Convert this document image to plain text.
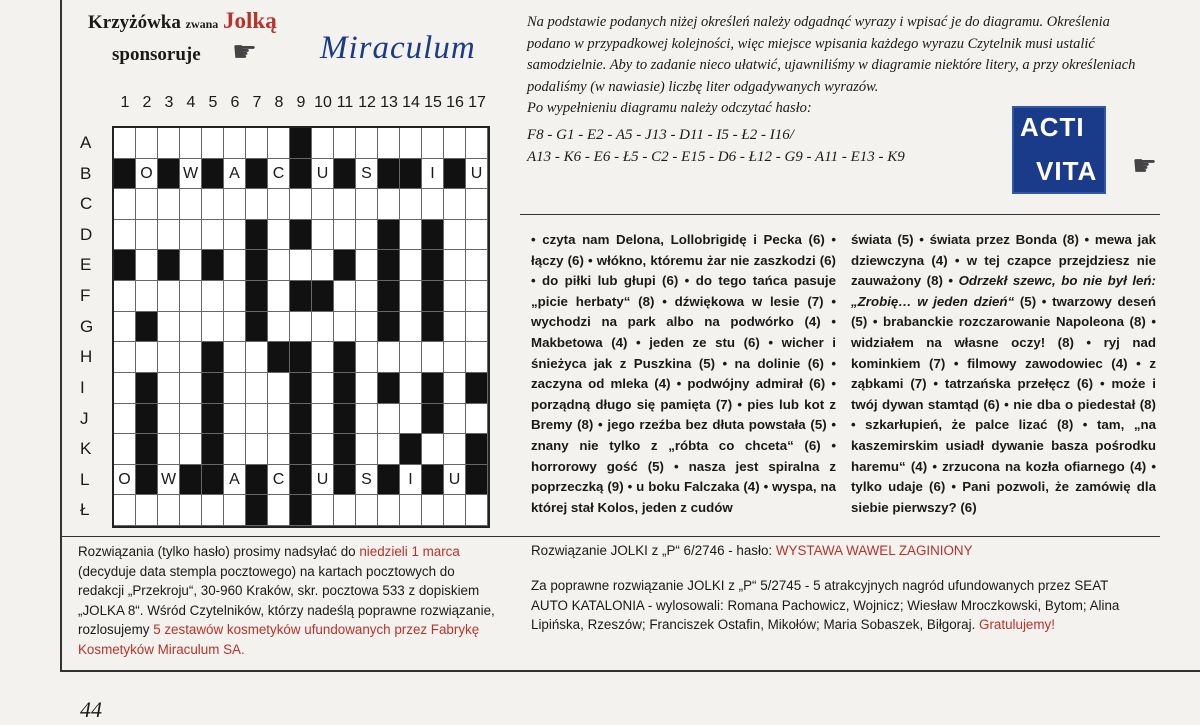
Krzyżówka zwana Jolką
sponsoruje ☛ Miraculum
1 2 3 4 5 6 7 8 9 10 11 12 13 14 15 16 17
A
B
C
D
E
F
G
H
I
J
K
L
Ł
O	W	A	C	U	S	I	U
O	W	A	C	U	S	I	U

Na podstawie podanych niżej określeń należy odgadnąć wyrazy i wpisać je do diagramu. Określenia podano w przypadkowej kolejności, więc miejsce wpisania każdego wyrazu Czytelnik musi ustalić samodzielnie. Aby to zadanie nieco ułatwić, ujawniliśmy w diagramie niektóre litery, a przy określeniach podaliśmy (w nawiasie) liczbę liter odgadywanych wyrazów.

Po wypełnieniu diagramu należy odczytać hasło:

F8 - G1 - E2 - A5 - J13 - D11 - I5 - Ł2 - I16/
A13 - K6 - E6 - Ł5 - C2 - E15 - D6 - Ł12 - G9 - A11 - E13 - K9
ACTI
VITA ☛
• czyta nam Delona, Lollobrigidę i Pecka (6) • łączy (6) • włókno, któremu żar nie zaszkodzi (6) • do piłki lub głupi (6) • do tego tańca pasuje „picie herbaty“ (8) • dźwiękowa w lesie (7) • wychodzi na park albo na podwórko (4) • Makbetowa (4) • jeden ze stu (6) • wicher i śnieżyca jak z Puszkina (5) • na dolinie (6) • zaczyna od mleka (4) • podwójny admirał (6) • porządną długo się pamięta (7) • pies lub kot z Bremy (8) • jego rzeźba bez dłuta powstała (5) • znany nie tylko z „róbta co chceta“ (6) • horrorowy gość (5) • nasza jest spiralna z poprzeczką (9) • u boku Falczaka (4) • wyspa, na której stał Kolos, jeden z cudów
świata (5) • świata przez Bonda (8) • mewa jak dziewczyna (4) • w tej czapce przejdziesz nie zauważony (8) • Odrzekł szewc, bo nie był leń: „Zrobię… w jeden dzień“ (5) • twarzowy deseń (5) • brabanckie rozczarowanie Napoleona (8) • widziałem na własne oczy! (8) • ryj nad kominkiem (7) • filmowy zawodowiec (4) • z ząbkami (7) • tatrzańska przełęcz (6) • może i twój dywan stamtąd (6) • nie dba o piedestał (8) • szkarłupień, że palce lizać (8) • tam, „na kaszemirskim usiadł dywanie basza pośrodku haremu“ (4) • zrzucona na kozła ofiarnego (4) • tylko udaje (6) • Pani pozwoli, że zamówię dla siebie pierwszy? (6)
Rozwiązania (tylko hasło) prosimy nadsyłać do niedzieli 1 marca (decyduje data stempla pocztowego) na kartach pocztowych do redakcji „Przekroju“, 30-960 Kraków, skr. pocztowa 533 z dopiskiem „JOLKA 8“. Wśród Czytelników, którzy nadeślą poprawne rozwiązanie, rozlosujemy 5 zestawów kosmetyków ufundowanych przez Fabrykę Kosmetyków Miraculum SA.
Rozwiązanie JOLKI z „P“ 6/2746 - hasło: WYSTAWA WAWEL ZAGINIONY
Za poprawne rozwiązanie JOLKI z „P“ 5/2745 - 5 atrakcyjnych nagród ufundowanych przez SEAT AUTO KATALONIA - wylosowali: Romana Pachowicz, Wojnicz; Wiesław Mroczkowski, Bytom; Alina Lipińska, Rzeszów; Franciszek Ostafin, Mikołów; Maria Sobaszek, Biłgoraj. Gratulujemy!
44
